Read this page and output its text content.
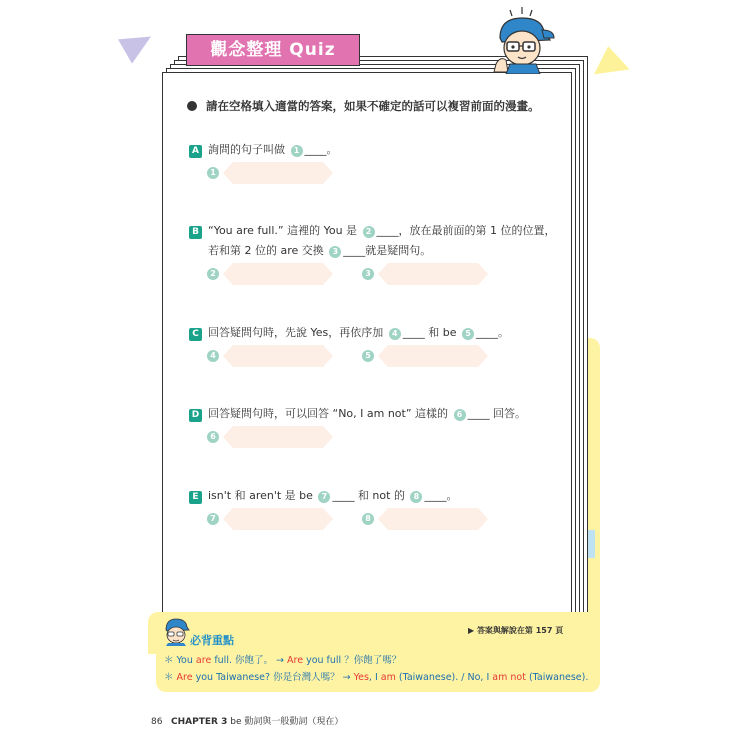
觀念整理 Quiz
請在空格填入適當的答案，如果不確定的話可以複習前面的漫畫。
A 詢問的句子叫做 1 ____。
1
B “You are full.” 這裡的 You 是 2 ____，放在最前面的第 1 位的位置，
若和第 2 位的 are 交換 3 ____就是疑問句。
2	3
C 回答疑問句時，先說 Yes，再依序加 4 ____ 和 be 5 ____。
4	5
D 回答疑問句時，可以回答 “No, I am not” 這樣的 6 ____ 回答。
6
E isn't 和 aren't 是 be 7 ____ 和 not 的 8 ____。
7	8
▶ 答案與解說在第 157 頁
必背重點
＊ You are full. 你飽了。 → Are you full ？你飽了嗎？
＊ Are you Taiwanese? 你是台灣人嗎？ → Yes, I am (Taiwanese). / No, I am not (Taiwanese).
86 CHAPTER 3 be 動詞與一般動詞（現在）
